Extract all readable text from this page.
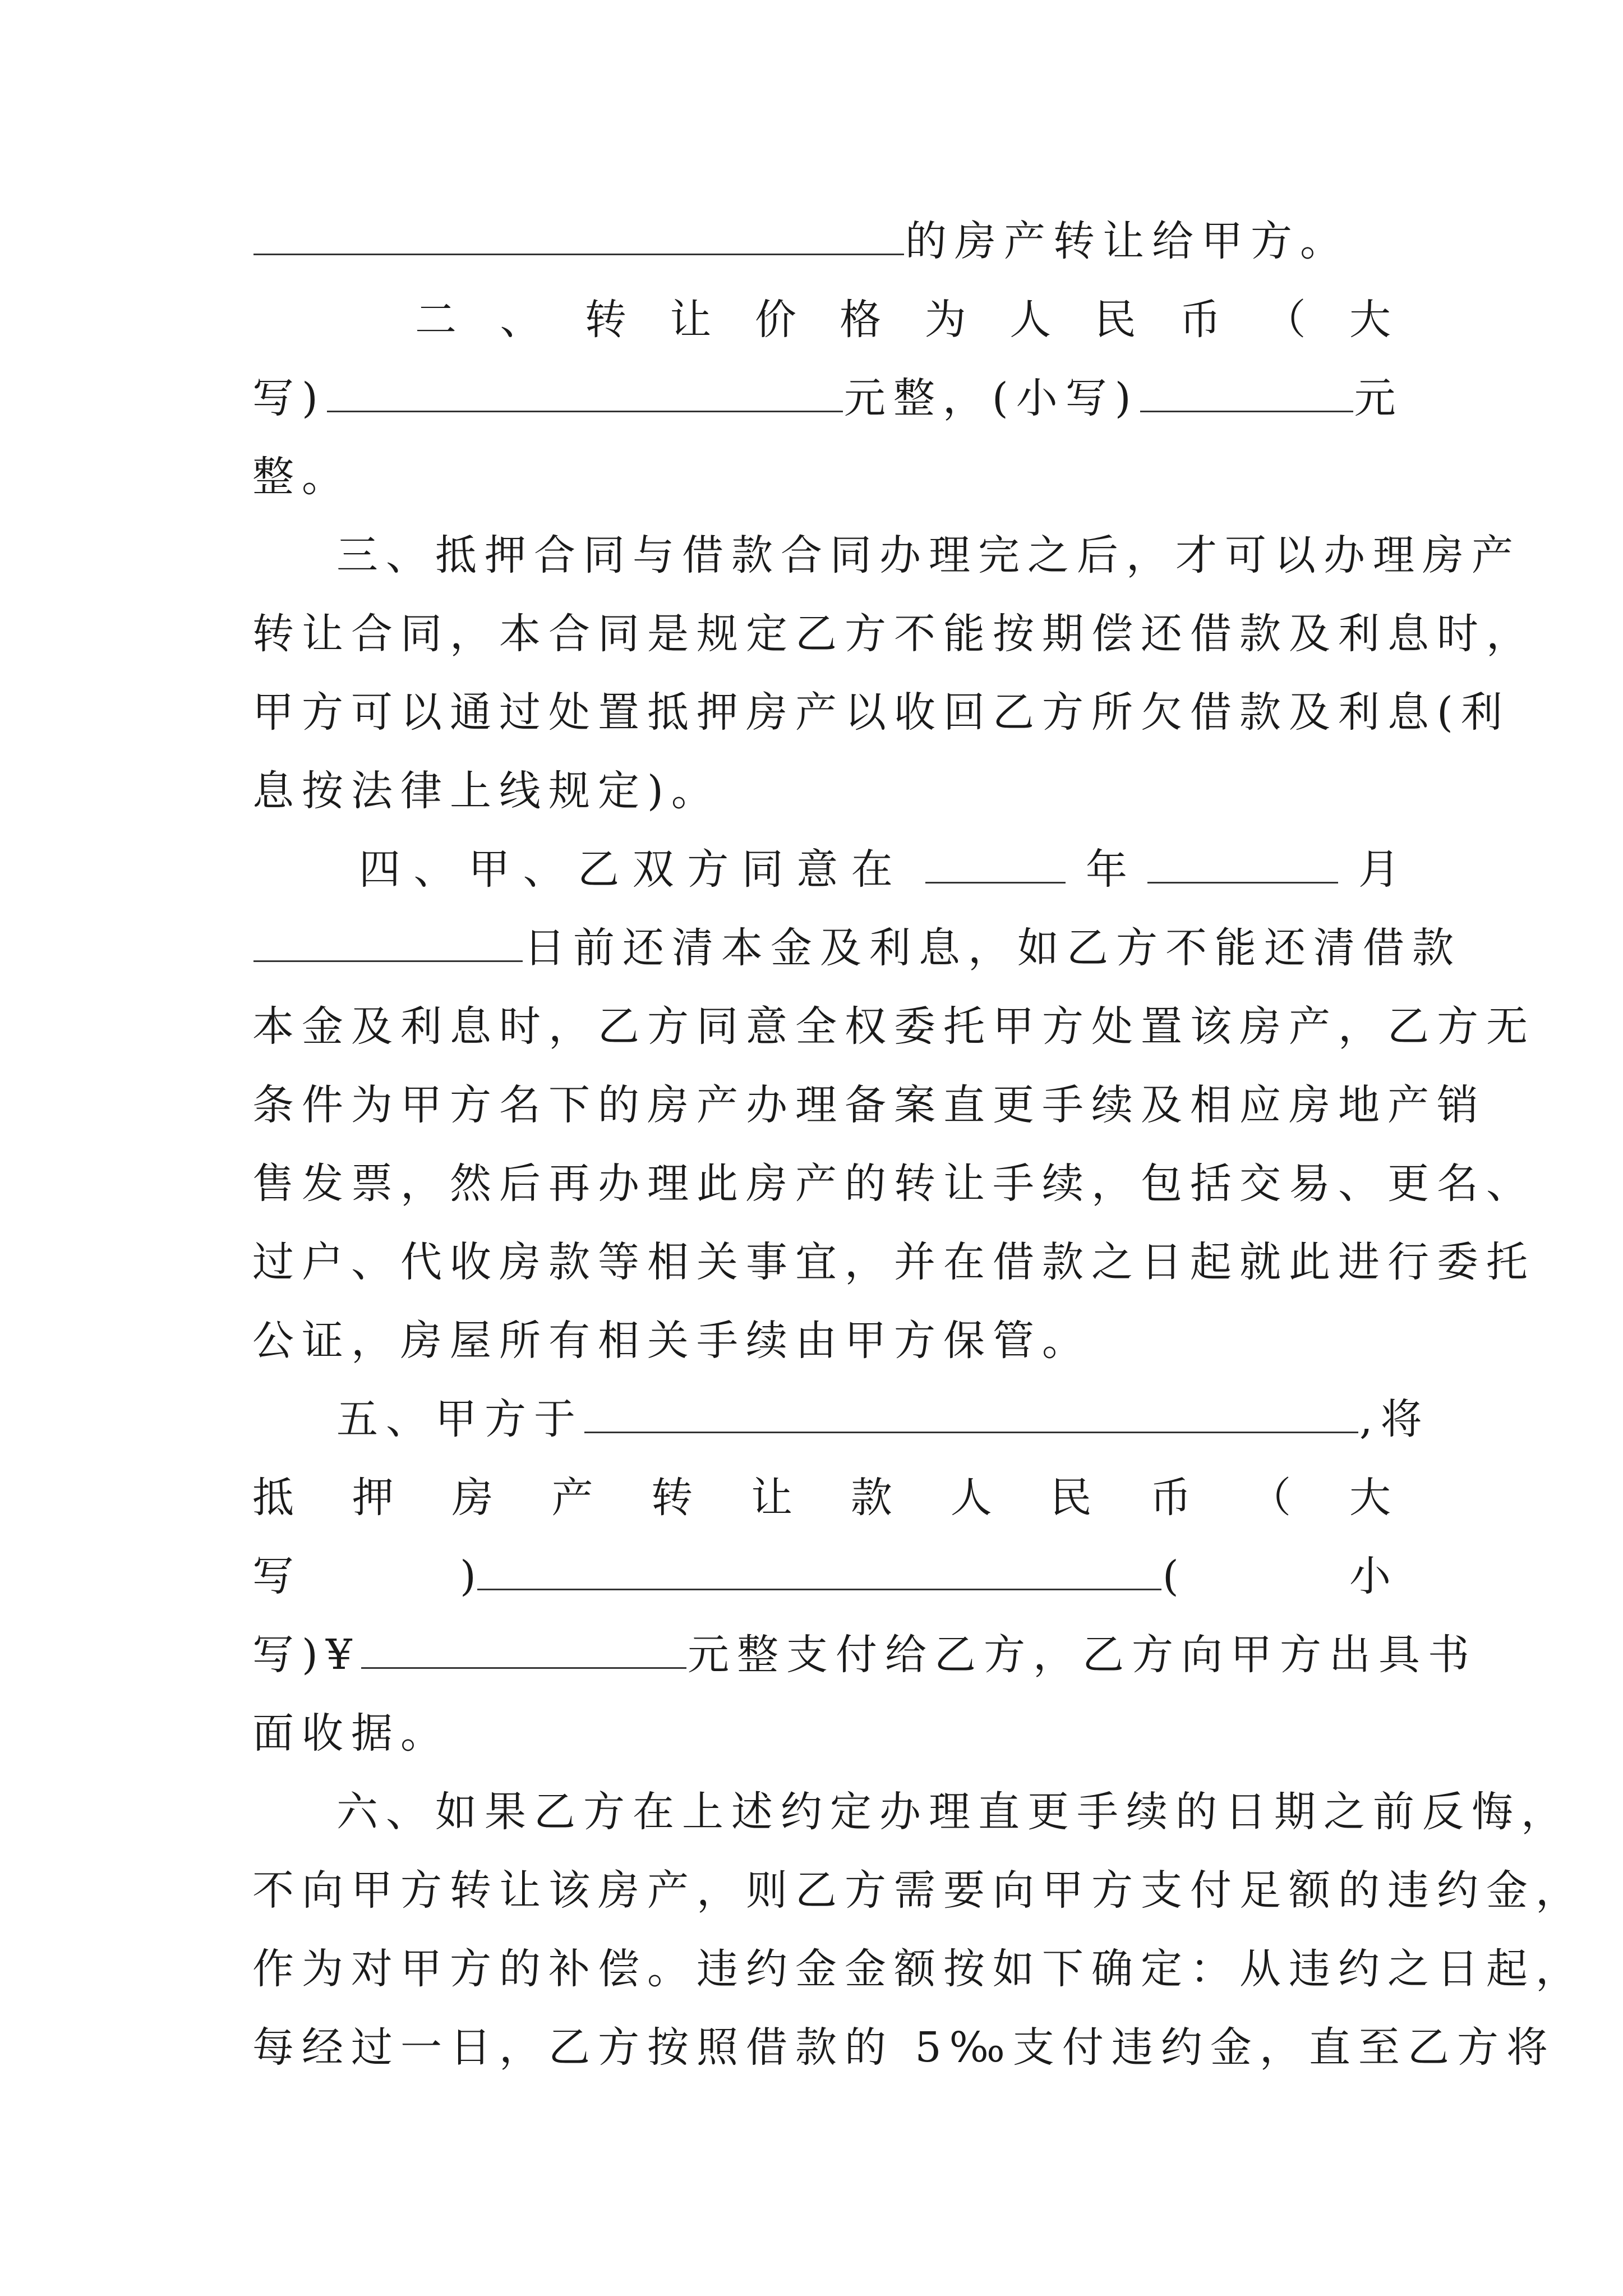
的房产转让给甲方。
二 、 转 让 价 格 为 人 民 币 （ 大
写)	元整，(小写)	元
整。
三、抵押合同与借款合同办理完之后，才可以办理房产
转让合同，本合同是规定乙方不能按期偿还借款及利息时，
甲方可以通过处置抵押房产以收回乙方所欠借款及利息(利
息按法律上线规定)。
四 、 甲 、 乙 双 方 同 意 在	年	月
日前还清本金及利息，如乙方不能还清借款
本金及利息时，乙方同意全权委托甲方处置该房产，乙方无
条件为甲方名下的房产办理备案直更手续及相应房地产销
售发票，然后再办理此房产的转让手续，包括交易、更名、
过户、代收房款等相关事宜，并在借款之日起就此进行委托
公证，房屋所有相关手续由甲方保管。
五、甲方于	,将
抵 押 房 产 转 让 款 人 民 币 （ 大
写	)	(	小
写)¥	元整支付给乙方，乙方向甲方出具书
面收据。
六、如果乙方在上述约定办理直更手续的日期之前反悔，
不向甲方转让该房产，则乙方需要向甲方支付足额的违约金，
作为对甲方的补偿。违约金金额按如下确定：从违约之日起，
每经过一日，乙方按照借款的 5‰支付违约金，直至乙方将
